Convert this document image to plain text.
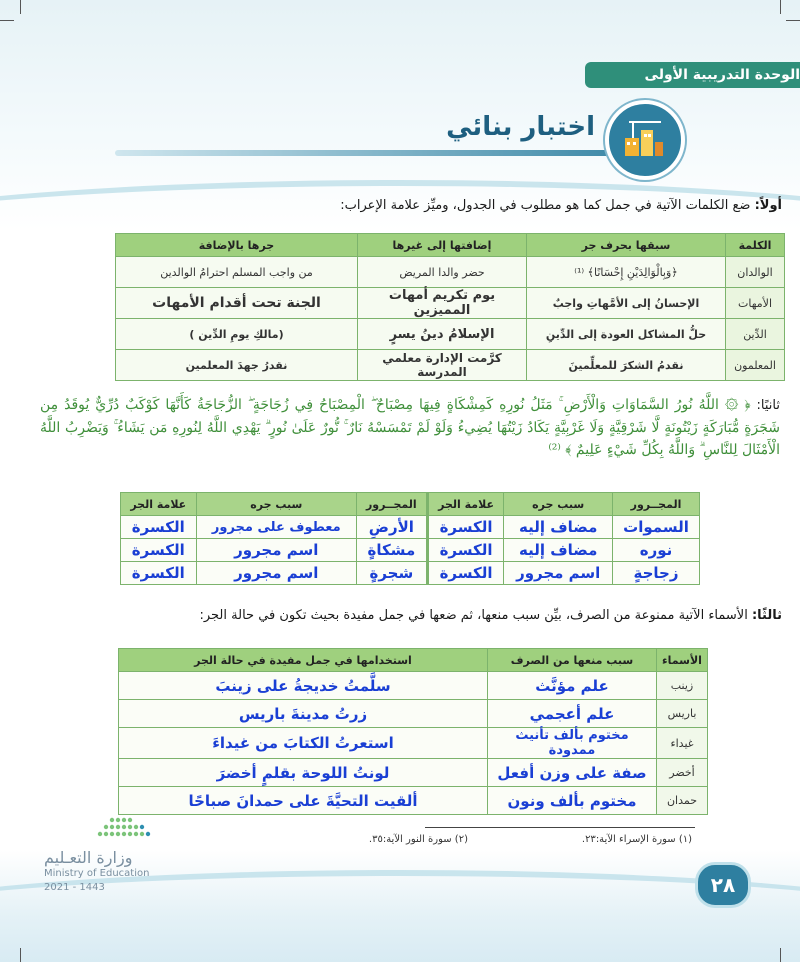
الوحدة التدريبية الأولى
اختبار بنائي
أولاً: ضع الكلمات الآتية في جمل كما هو مطلوب في الجدول، وميِّز علامة الإعراب:
الكلمة	سبقها بحرف جر	إضافتها إلى غيرها	جرها بالإضافة
الوالدان	﴿وَبِالْوَالِدَيْنِ إِحْسَانًا﴾ ⁽¹⁾	حضر والدا المريض	من واجب المسلم احترامُ الوالدين
الأمهات	الإحسانُ إلى الأمَّهاتِ واجبٌ	يوم تكريم أمهات المميزين	الجنة تحت أقدام الأمهات
الدِّين	حلُّ المشاكل العودة إلى الدِّينِ	الإسلامُ دينُ يسرٍ	(مالكِ يومِ الدِّين )
المعلمون	نقدمُ الشكرَ للمعلِّمينَ	كرَّمت الإدارة معلمي المدرسة	نقدرُ جهدَ المعلمين
ثانيًا: ﴿ ۞ اللَّهُ نُورُ السَّمَاوَاتِ وَالْأَرْضِ ۚ مَثَلُ نُورِهِ كَمِشْكَاةٍ فِيهَا مِصْبَاحٌ ۖ الْمِصْبَاحُ فِي زُجَاجَةٍ ۖ الزُّجَاجَةُ كَأَنَّهَا كَوْكَبٌ دُرِّيٌّ يُوقَدُ مِن شَجَرَةٍ مُّبَارَكَةٍ زَيْتُونَةٍ لَّا شَرْقِيَّةٍ وَلَا غَرْبِيَّةٍ يَكَادُ زَيْتُهَا يُضِيءُ وَلَوْ لَمْ تَمْسَسْهُ نَارٌ ۚ نُّورٌ عَلَىٰ نُورٍ ۗ يَهْدِي اللَّهُ لِنُورِهِ مَن يَشَاءُ ۚ وَيَضْرِبُ اللَّهُ الْأَمْثَالَ لِلنَّاسِ ۗ وَاللَّهُ بِكُلِّ شَيْءٍ عَلِيمٌ ﴾ ⁽²⁾
المجــرور	سبب جره	علامة الجر	المجــرور	سبب جره	علامة الجر
السموات	مضاف إليه	الكسرة	الأرضِ	معطوف على مجرور	الكسرة
نوره	مضاف إليه	الكسرة	مشكاةٍ	اسم مجرور	الكسرة
زجاجةٍ	اسم مجرور	الكسرة	شجرةٍ	اسم مجرور	الكسرة
ثالثًا: الأسماء الآتية ممنوعة من الصرف، بيِّن سبب منعها، ثم ضعها في جمل مفيدة بحيث تكون في حالة الجر:
الأسماء	سبب منعها من الصرف	استخدامها في جمل مفيدة في حالة الجر
زينب	علم مؤنَّث	سلَّمتُ خديجةُ على زينبَ
باريس	علم أعجمي	زرتُ مدينةَ باريس
غيداء	مختوم بألف تأنيث ممدودة	استعرتُ الكتابَ من غيداءَ
أخضر	صفة على وزن أفعل	لونتُ اللوحة بقلمٍ أخضرَ
حمدان	مختوم بألف ونون	ألقيت التحيَّةَ على حمدانَ صباحًا
(١) سورة الإسراء الآية:٢٣.
(٢) سورة النور الآية:٣٥.
٢٨
وزارة التعـليم
Ministry of Education
2021 - 1443
